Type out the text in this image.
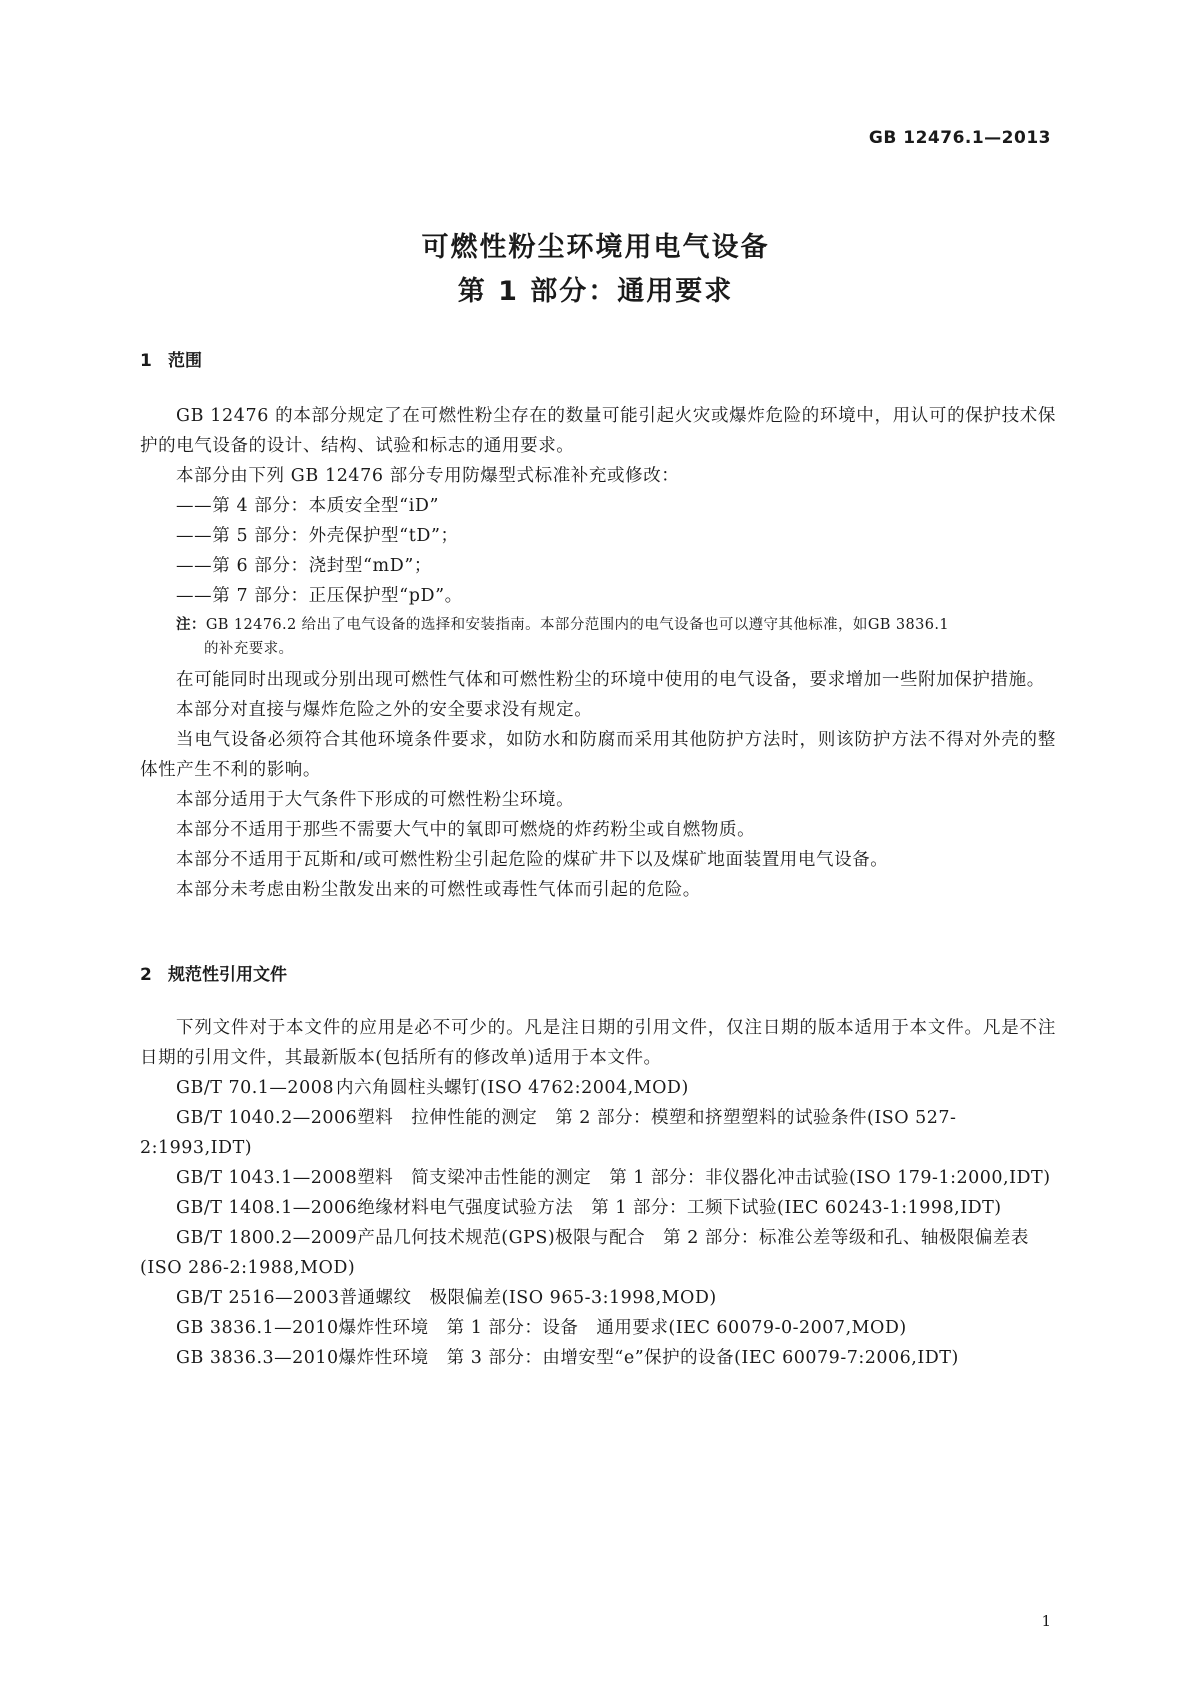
GB 12476.1—2013
可燃性粉尘环境用电气设备
第 1 部分：通用要求
1 范围

GB 12476 的本部分规定了在可燃性粉尘存在的数量可能引起火灾或爆炸危险的环境中，用认可的保护技术保护的电气设备的设计、结构、试验和标志的通用要求。

本部分由下列 GB 12476 部分专用防爆型式标准补充或修改：

——第 4 部分：本质安全型“iD”
——第 5 部分：外壳保护型“tD”；
——第 6 部分：浇封型“mD”；
——第 7 部分：正压保护型“pD”。
注：GB 12476.2 给出了电气设备的选择和安装指南。本部分范围内的电气设备也可以遵守其他标准，如GB 3836.1
的补充要求。

在可能同时出现或分别出现可燃性气体和可燃性粉尘的环境中使用的电气设备，要求增加一些附加保护措施。

本部分对直接与爆炸危险之外的安全要求没有规定。

当电气设备必须符合其他环境条件要求，如防水和防腐而采用其他防护方法时，则该防护方法不得对外壳的整体性产生不利的影响。

本部分适用于大气条件下形成的可燃性粉尘环境。

本部分不适用于那些不需要大气中的氧即可燃烧的炸药粉尘或自燃物质。

本部分不适用于瓦斯和/或可燃性粉尘引起危险的煤矿井下以及煤矿地面装置用电气设备。

本部分未考虑由粉尘散发出来的可燃性或毒性气体而引起的危险。

2 规范性引用文件

下列文件对于本文件的应用是必不可少的。凡是注日期的引用文件，仅注日期的版本适用于本文件。凡是不注日期的引用文件，其最新版本(包括所有的修改单)适用于本文件。

GB/T 70.1—2008 内六角圆柱头螺钉(ISO 4762:2004,MOD)

GB/T 1040.2—2006塑料　拉伸性能的测定　第 2 部分：模塑和挤塑塑料的试验条件(ISO 527-2:1993,IDT)

GB/T 1043.1—2008塑料　简支梁冲击性能的测定　第 1 部分：非仪器化冲击试验(ISO 179-1:2000,IDT)

GB/T 1408.1—2006绝缘材料电气强度试验方法　第 1 部分：工频下试验(IEC 60243-1:1998,IDT)

GB/T 1800.2—2009产品几何技术规范(GPS)极限与配合　第 2 部分：标准公差等级和孔、轴极限偏差表(ISO 286-2:1988,MOD)

GB/T 2516—2003普通螺纹　极限偏差(ISO 965-3:1998,MOD)

GB 3836.1—2010爆炸性环境　第 1 部分：设备　通用要求(IEC 60079-0-2007,MOD)

GB 3836.3—2010爆炸性环境　第 3 部分：由增安型“e”保护的设备(IEC 60079-7:2006,IDT)

1
